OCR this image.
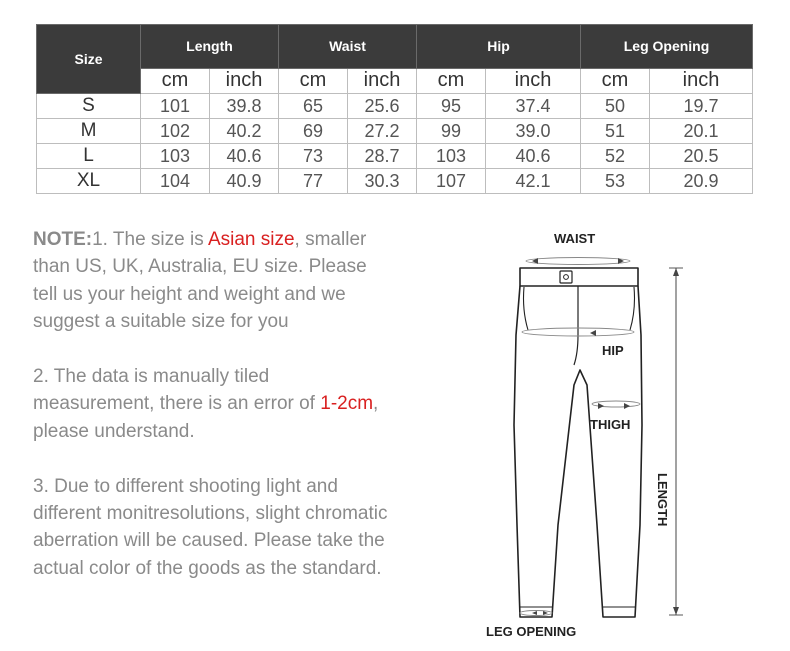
Size	Length		Waist		Hip		Leg Opening	
	cm	inch	cm	inch	cm	inch	cm	inch
S	101	39.8	65	25.6	95	37.4	50	19.7
M	102	40.2	69	27.2	99	39.0	51	20.1
L	103	40.6	73	28.7	103	40.6	52	20.5
XL	104	40.9	77	30.3	107	42.1	53	20.9

NOTE:1. The size is Asian size, smaller than US, UK, Australia, EU size. Please tell us your height and weight and we suggest a suitable size for you

2. The data is manually tiled measurement, there is an error of 1-2cm, please understand.

3. Due to different shooting light and different monitresolutions, slight chromatic aberration will be caused. Please take the actual color of the goods as the standard.

WAIST
HIP
THIGH
LENGTH
LEG OPENING
